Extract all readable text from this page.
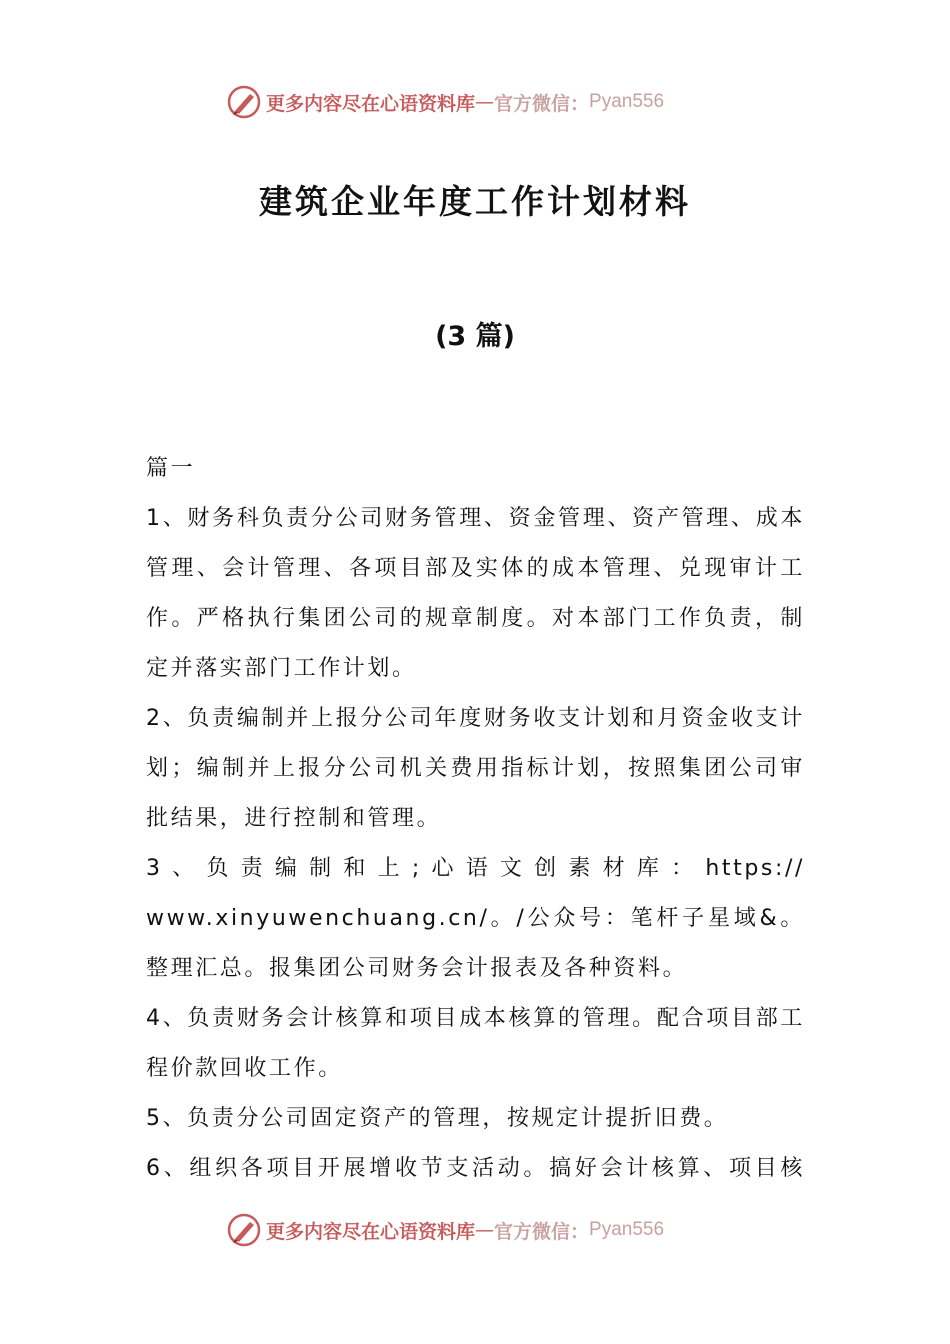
更多内容尽在心语资料库 — 官方微信： Pyan556
建筑企业年度工作计划材料
(3 篇)

篇一

1、财务科负责分公司财务管理、资金管理、资产管理、成本管理、会计管理、各项目部及实体的成本管理、兑现审计工作。严格执行集团公司的规章制度。对本部门工作负责，制定并落实部门工作计划。

2、负责编制并上报分公司年度财务收支计划和月资金收支计划；编制并上报分公司机关费用指标计划，按照集团公司审批结果，进行控制和管理。

3 、 负 责 编 制 和 上 ; 心 语 文 创 素 材 库 ： https:// www.xinyuwenchuang.cn/。/公众号：笔杆子星域&。整理汇总。报集团公司财务会计报表及各种资料。

4、负责财务会计核算和项目成本核算的管理。配合项目部工程价款回收工作。

5、负责分公司固定资产的管理，按规定计提折旧费。

6、组织各项目开展增收节支活动。搞好会计核算、项目核

更多内容尽在心语资料库 — 官方微信： Pyan556
